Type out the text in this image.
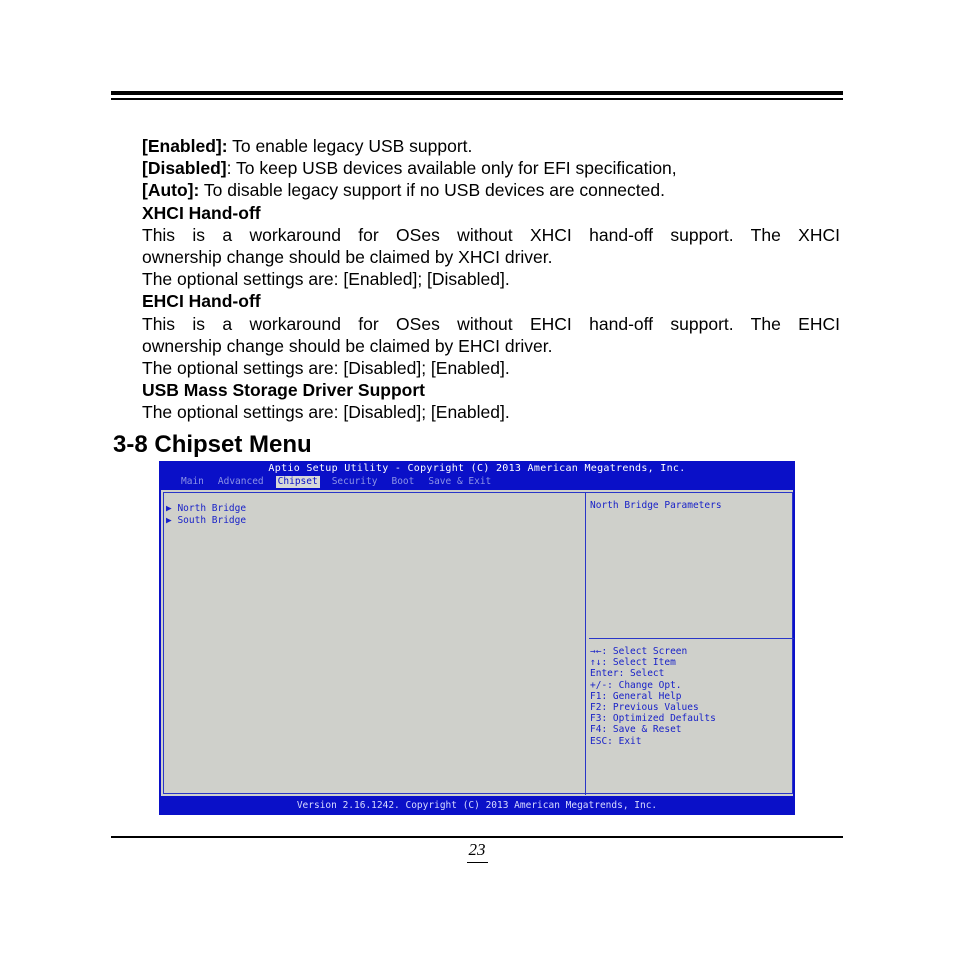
[Enabled]: To enable legacy USB support.

[Disabled]: To keep USB devices available only for EFI specification,

[Auto]: To disable legacy support if no USB devices are connected.

XHCI Hand-off

This is a workaround for OSes without XHCI hand-off support. The XHCI

ownership change should be claimed by XHCI driver.

The optional settings are: [Enabled]; [Disabled].

EHCI Hand-off

This is a workaround for OSes without EHCI hand-off support. The EHCI

ownership change should be claimed by EHCI driver.

The optional settings are: [Disabled]; [Enabled].

USB Mass Storage Driver Support

The optional settings are: [Disabled]; [Enabled].

3-8 Chipset Menu
Aptio Setup Utility - Copyright (C) 2013 American Megatrends, Inc.
Main Advanced Chipset Security Boot Save & Exit
▶ North Bridge
▶ South Bridge
North Bridge Parameters
→←: Select Screen
↑↓: Select Item
Enter: Select
+/-: Change Opt.
F1: General Help
F2: Previous Values
F3: Optimized Defaults
F4: Save & Reset
ESC: Exit
Version 2.16.1242. Copyright (C) 2013 American Megatrends, Inc.
23
